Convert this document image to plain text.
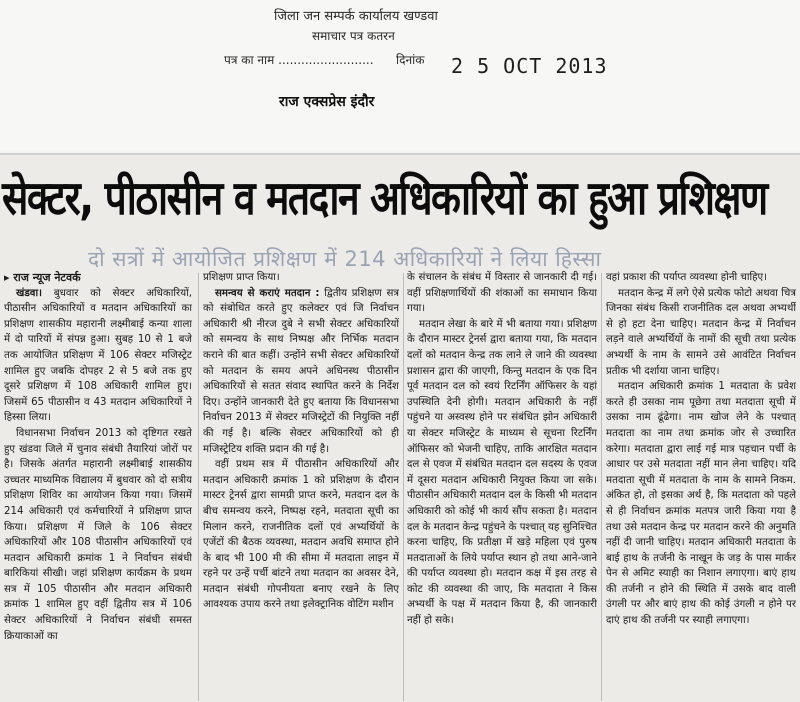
जिला जन सम्पर्क कार्यालय खण्डवा
समाचार पत्र कतरन
पत्र का नाम ......................... दिनांक 2 5 OCT 2013
राज एक्सप्रेस इंदौर
सेक्टर, पीठासीन व मतदान अधिकारियों का हुआ प्रशिक्षण
दो सत्रों में आयोजित प्रशिक्षण में 214 अधिकारियों ने लिया हिस्सा

▸ राज न्यूज नेटवर्क

खंडवा। बुधवार को सेक्टर अधिकारियों, पीठासीन अधिकारियों व मतदान अधिकारियों का प्रशिक्षण शासकीय महारानी लक्ष्मीबाई कन्या शाला में दो पारियों में संपन्न हुआ। सुबह 10 से 1 बजे तक आयोजित प्रशिक्षण में 106 सेक्टर मजिस्ट्रेट शामिल हुए जबकि दोपहर 2 से 5 बजे तक हुए दूसरे प्रशिक्षण में 108 अधिकारी शामिल हुए। जिसमें 65 पीठासीन व 43 मतदान अधिकारियों ने हिस्सा लिया।

विधानसभा निर्वाचन 2013 को दृष्टिगत रखते हुए खंडवा जिले में चुनाव संबंधी तैयारियां जोरों पर है। जिसके अंतर्गत महारानी लक्ष्मीबाई शासकीय उच्चतर माध्यमिक विद्यालय में बुधवार को दो सत्रीय प्रशिक्षण शिविर का आयोजन किया गया। जिसमें 214 अधिकारी एवं कर्मचारियों ने प्रशिक्षण प्राप्त किया। प्रशिक्षण में जिले के 106 सेक्टर अधिकारियों और 108 पीठासीन अधिकारियों एवं मतदान अधिकारी क्रमांक 1 ने निर्वाचन संबंधी बारिकियां सीखी। जहां प्रशिक्षण कार्यक्रम के प्रथम सत्र में 105 पीठासीन और मतदान अधिकारी क्रमांक 1 शामिल हुए वहीं द्वितीय सत्र में 106 सेक्टर अधिकारियों ने निर्वाचन संबंधी समस्त क्रियाकाओं का

प्रशिक्षण प्राप्त किया।

समन्वय से कराएं मतदान : द्वितीय प्रशिक्षण सत्र को संबोधित करते हुए कलेक्टर एवं जि निर्वाचन अधिकारी श्री नीरज दुबे ने सभी सेक्टर अधिकारियों को समन्वय के साथ निष्पक्ष और निर्भिक मतदान कराने की बात कहीं। उन्होंने सभी सेक्टर अधिकारियों को मतदान के समय अपने अधिनस्थ पीठासीन अधिकारियों से सतत संवाद स्थापित करने के निर्देश दिए। उन्होंने जानकारी देते हुए बताया कि विधानसभा निर्वाचन 2013 में सेक्टर मजिस्ट्रेटों की नियुक्ति नहीं की गई है। बल्कि सेक्टर अधिकारियों को ही मजिस्ट्रेटिय शक्ति प्रदान की गई है।

वहीं प्रथम सत्र में पीठासीन अधिकारियों और मतदान अधिकारी क्रमांक 1 को प्रशिक्षण के दौरान मास्टर ट्रेनर्स द्वारा सामग्री प्राप्त करने, मतदान दल के बीच समन्वय करने, निष्पक्ष रहने, मतदाता सूची का मिलान करने, राजनीतिक दलों एवं अभ्यर्थियों के एजेंटों की बैठक व्यवस्था, मतदान अवधि समाप्त होने के बाद भी 100 मी की सीमा में मतदाता लाइन में रहने पर उन्हें पर्ची बांटने तथा मतदान का अवसर देने, मतदान संबंधी गोपनीयता बनाए रखने के लिए आवश्यक उपाय करने तथा इलेक्ट्रानिक वोटिंग मशीन

के संचालन के संबंध में विस्तार से जानकारी दी गई। वहीं प्रशिक्षणार्थियों की शंकाओं का समाधान किया गया।

मतदान लेखा के बारे में भी बताया गया। प्रशिक्षण के दौरान मास्टर ट्रेनर्स द्वारा बताया गया, कि मतदान दलों को मतदान केन्द्र तक लाने ले जाने की व्यवस्था प्रशासन द्वारा की जाएगी, किन्तु मतदान के एक दिन पूर्व मतदान दल को स्वयं रिटर्निंग ऑफिसर के यहां उपस्थिति देनी होगी। मतदान अधिकारी के नहीं पहुंचने या अस्वस्थ होने पर संबंधित झोन अधिकारी या सेक्टर मजिस्ट्रेट के माध्यम से सूचना रिटर्निंग ऑफिसर को भेजनी चाहिए, ताकि आरक्षित मतदान दल से एवज में संबंधित मतदान दल सदस्य के एवज में दूसरा मतदान अधिकारी नियुक्त किया जा सके। पीठासीन अधिकारी मतदान दल के किसी भी मतदान अधिकारी को कोई भी कार्य सौंप सकता है। मतदान दल के मतदान केन्द्र पहुंचने के पश्चात् यह सुनिश्चित करना चाहिए, कि प्रतीक्षा में खड़े महिला एवं पुरुष मतदाताओं के लिये पर्याप्त स्थान हो तथा आने-जाने की पर्याप्त व्यवस्था हो। मतदान कक्ष में इस तरह से कोट की व्यवस्था की जाए, कि मतदाता ने किस अभ्यर्थी के पक्ष में मतदान किया है, की जानकारी नहीं हो सके।

वहां प्रकाश की पर्याप्त व्यवस्था होनी चाहिए।

मतदान केन्द्र में लगे ऐसे प्रत्येक फोटो अथवा चित्र जिनका संबंध किसी राजनीतिक दल अथवा अभ्यर्थी से हो हटा देना चाहिए। मतदान केन्द्र में निर्वाचन लड़ने वाले अभ्यर्थियों के नामों की सूची तथा प्रत्येक अभ्यर्थी के नाम के सामने उसे आवंटित निर्वाचन प्रतीक भी दर्शाया जाना चाहिए।

मतदान अधिकारी क्रमांक 1 मतदाता के प्रवेश करते ही उसका नाम पूछेगा तथा मतदाता सूची में उसका नाम ढूंढेगा। नाम खोज लेने के पश्चात् मतदाता का नाम तथा क्रमांक जोर से उच्चारित करेगा। मतदाता द्वारा लाई गई मात्र पहचान पर्ची के आधार पर उसे मतदाता नहीं मान लेना चाहिए। यदि मतदाता सूची में मतदाता के नाम के सामने निकम. अंकित हो, तो इसका अर्थ है, कि मतदाता को पहले से ही निर्वाचन क्रमांक मतपत्र जारी किया गया है तथा उसे मतदान केन्द्र पर मतदान करने की अनुमति नहीं दी जानी चाहिए। मतदान अधिकारी मतदाता के बाई हाथ के तर्जनी के नाखून के जड़ के पास मार्कर पेन से अमिट स्याही का निशान लगाएगा। बाएं हाथ की तर्जनी न होने की स्थिति में उसके बाद वाली उंगली पर और बाएं हाथ की कोई उंगली न होने पर दाएं हाथ की तर्जनी पर स्याही लगाएगा।
